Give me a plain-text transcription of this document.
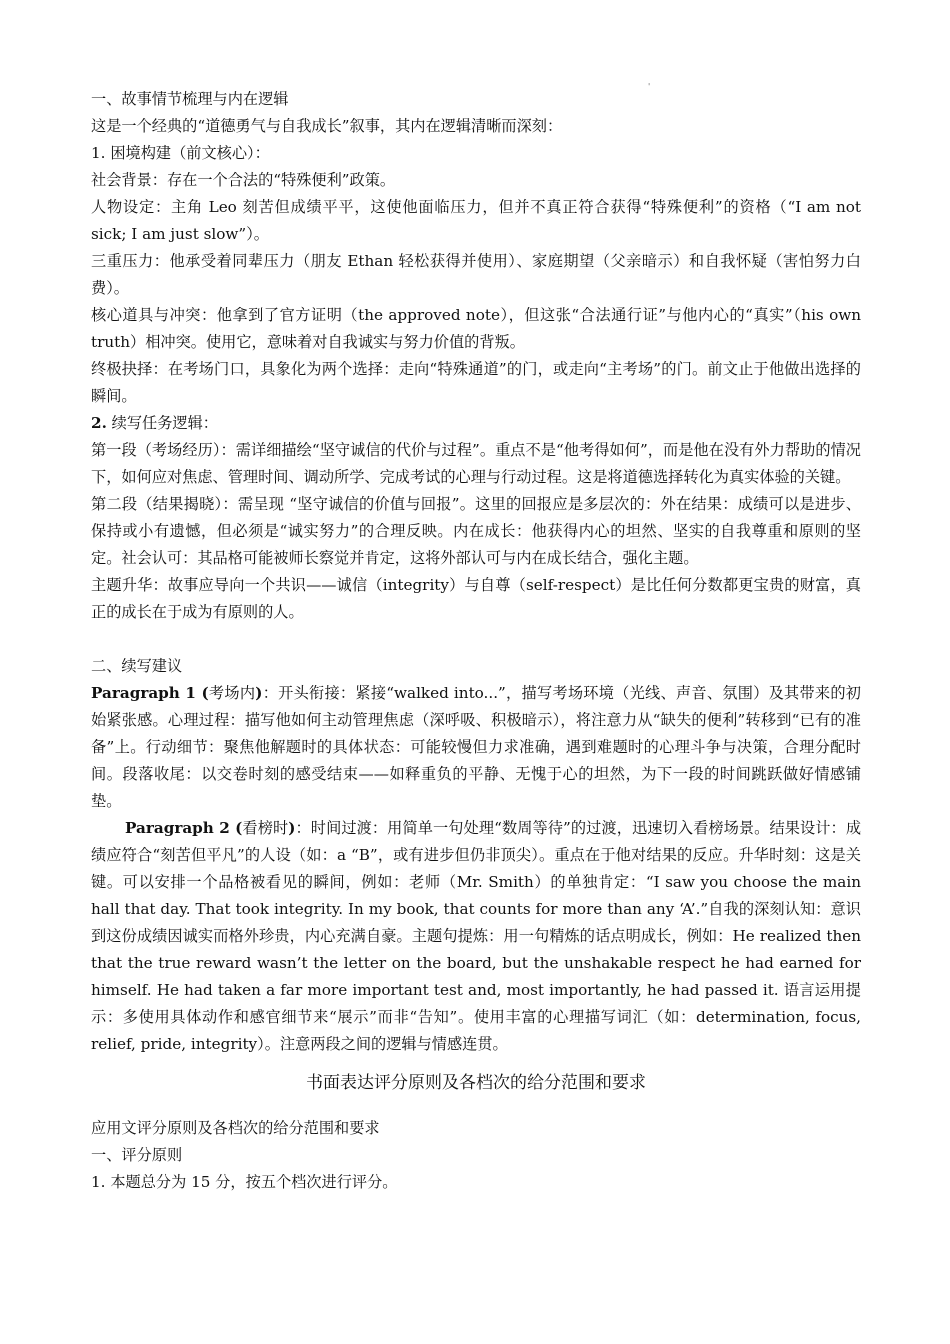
'

一、故事情节梳理与内在逻辑

这是一个经典的“道德勇气与自我成长”叙事，其内在逻辑清晰而深刻：

1. 困境构建（前文核心）：

社会背景：存在一个合法的“特殊便利”政策。

人物设定：主角 Leo 刻苦但成绩平平，这使他面临压力，但并不真正符合获得“特殊便利”的资格（“I am not sick; I am just slow”）。

三重压力：他承受着同辈压力（朋友 Ethan 轻松获得并使用）、家庭期望（父亲暗示）和自我怀疑（害怕努力白费）。

核心道具与冲突：他拿到了官方证明（the approved note），但这张“合法通行证”与他内心的“真实”（his own truth）相冲突。使用它，意味着对自我诚实与努力价值的背叛。

终极抉择：在考场门口，具象化为两个选择：走向“特殊通道”的门，或走向“主考场”的门。前文止于他做出选择的瞬间。

2. 续写任务逻辑：

第一段（考场经历）：需详细描绘“坚守诚信的代价与过程”。重点不是“他考得如何”，而是他在没有外力帮助的情况下，如何应对焦虑、管理时间、调动所学、完成考试的心理与行动过程。这是将道德选择转化为真实体验的关键。

第二段（结果揭晓）：需呈现 “坚守诚信的价值与回报”。这里的回报应是多层次的：外在结果：成绩可以是进步、保持或小有遗憾，但必须是“诚实努力”的合理反映。内在成长：他获得内心的坦然、坚实的自我尊重和原则的坚定。社会认可：其品格可能被师长察觉并肯定，这将外部认可与内在成长结合，强化主题。

主题升华：故事应导向一个共识——诚信（integrity）与自尊（self-respect）是比任何分数都更宝贵的财富，真正的成长在于成为有原则的人。

二、续写建议

Paragraph 1 (考场内)：开头衔接：紧接“walked into...”，描写考场环境（光线、声音、氛围）及其带来的初始紧张感。心理过程：描写他如何主动管理焦虑（深呼吸、积极暗示），将注意力从“缺失的便利”转移到“已有的准备”上。行动细节：聚焦他解题时的具体状态：可能较慢但力求准确，遇到难题时的心理斗争与决策，合理分配时间。段落收尾：以交卷时刻的感受结束——如释重负的平静、无愧于心的坦然，为下一段的时间跳跃做好情感铺垫。

Paragraph 2 (看榜时)：时间过渡：用简单一句处理“数周等待”的过渡，迅速切入看榜场景。结果设计：成绩应符合“刻苦但平凡”的人设（如：a “B”，或有进步但仍非顶尖）。重点在于他对结果的反应。升华时刻：这是关键。可以安排一个品格被看见的瞬间，例如：老师（Mr. Smith）的单独肯定：“I saw you choose the main hall that day. That took integrity. In my book, that counts for more than any ‘A’.”自我的深刻认知：意识到这份成绩因诚实而格外珍贵，内心充满自豪。主题句提炼：用一句精炼的话点明成长，例如：He realized then that the true reward wasn’t the letter on the board, but the unshakable respect he had earned for himself. He had taken a far more important test and, most importantly, he had passed it. 语言运用提示：多使用具体动作和感官细节来“展示”而非“告知”。使用丰富的心理描写词汇（如：determination, focus, relief, pride, integrity）。注意两段之间的逻辑与情感连贯。

书面表达评分原则及各档次的给分范围和要求

应用文评分原则及各档次的给分范围和要求

一、评分原则

1. 本题总分为 15 分，按五个档次进行评分。
